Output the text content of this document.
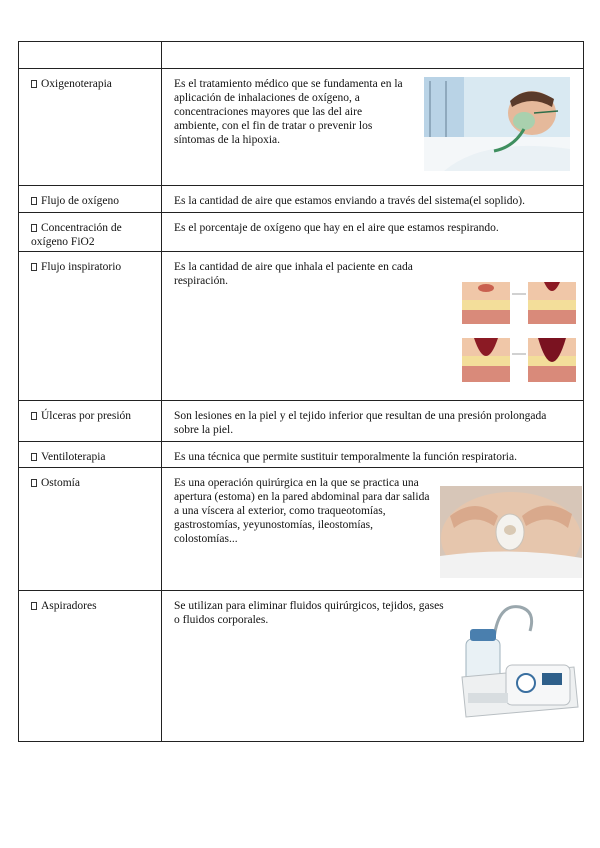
Oxigenoterapia	Es el tratamiento médico que se fundamenta en la aplicación de inhalaciones de oxígeno, a concentraciones mayores que las del aire ambiente, con el fin de tratar o prevenir los síntomas de la hipoxia.

Flujo de oxígeno	Es la cantidad de aire que estamos enviando a través del sistema(el soplido).

Concentración de oxígeno FiO2	Es el porcentaje de oxígeno que hay en el aire que estamos respirando.

Flujo inspiratorio	Es la cantidad de aire que inhala el paciente en cada respiración.

Úlceras por presión	Son lesiones en la piel y el tejido inferior que resultan de una presión prolongada sobre la piel.

Ventiloterapia	Es una técnica que permite sustituir temporalmente la función respiratoria.

Ostomía	Es una operación quirúrgica en la que se practica una apertura (estoma) en la pared abdominal para dar salida a una víscera al exterior, como traqueotomías, gastrostomías, yeyunostomías, ileostomías, colostomías...

Aspiradores	Se utilizan para eliminar fluidos quirúrgicos, tejidos, gases o fluidos corporales.
